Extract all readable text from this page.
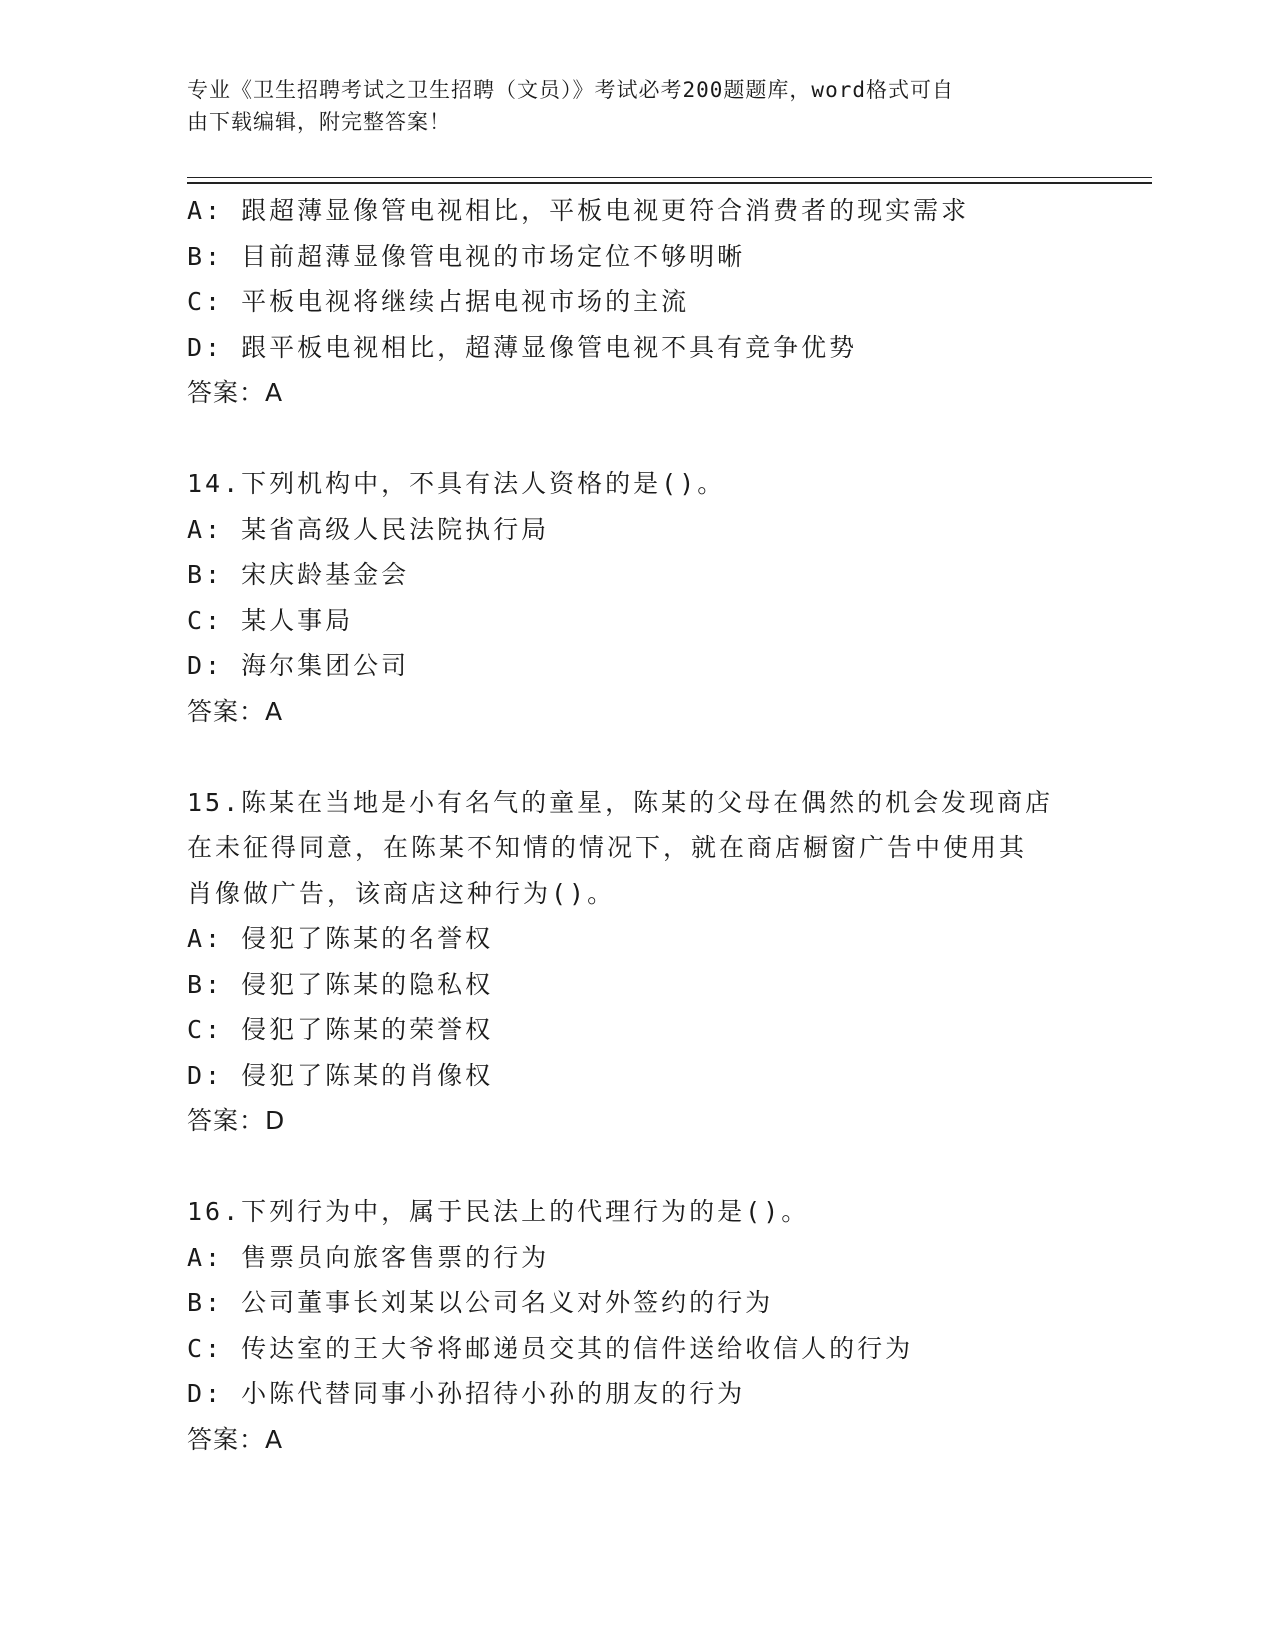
专业《卫生招聘考试之卫生招聘（文员）》考试必考200题题库，word格式可自
由下载编辑，附完整答案！
A: 跟超薄显像管电视相比，平板电视更符合消费者的现实需求
B: 目前超薄显像管电视的市场定位不够明晰
C: 平板电视将继续占据电视市场的主流
D: 跟平板电视相比，超薄显像管电视不具有竞争优势
答案：A
14.下列机构中，不具有法人资格的是()。
A: 某省高级人民法院执行局
B: 宋庆龄基金会
C: 某人事局
D: 海尔集团公司
答案：A
15.陈某在当地是小有名气的童星，陈某的父母在偶然的机会发现商店
在未征得同意，在陈某不知情的情况下，就在商店橱窗广告中使用其
肖像做广告，该商店这种行为()。
A: 侵犯了陈某的名誉权
B: 侵犯了陈某的隐私权
C: 侵犯了陈某的荣誉权
D: 侵犯了陈某的肖像权
答案：D
16.下列行为中，属于民法上的代理行为的是()。
A: 售票员向旅客售票的行为
B: 公司董事长刘某以公司名义对外签约的行为
C: 传达室的王大爷将邮递员交其的信件送给收信人的行为
D: 小陈代替同事小孙招待小孙的朋友的行为
答案：A
